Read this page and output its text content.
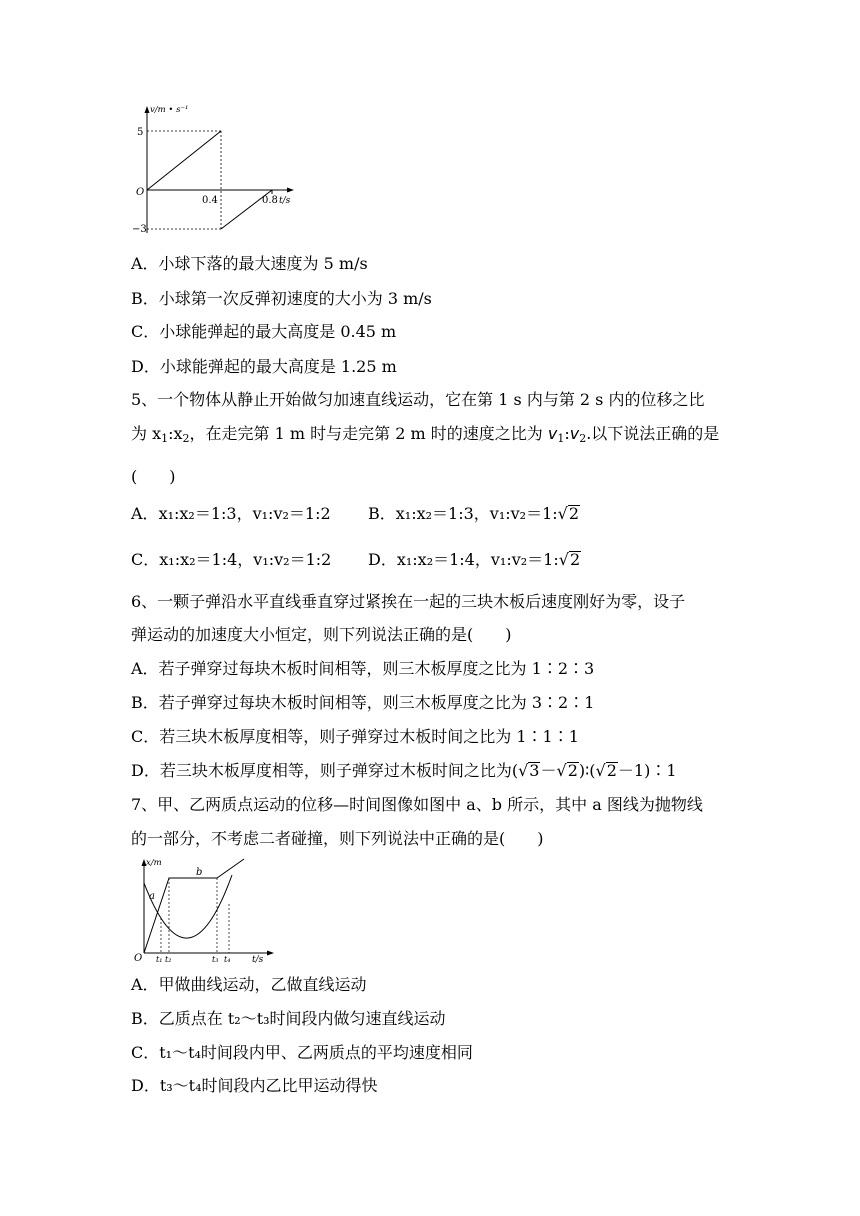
v/m • s⁻¹
5
O
−3
0.4	0.8 t/s
A．小球下落的最大速度为 5 m/s
B．小球第一次反弹初速度的大小为 3 m/s
C．小球能弹起的最大高度是 0.45 m
D．小球能弹起的最大高度是 1.25 m
5、一个物体从静止开始做匀加速直线运动，它在第 1 s 内与第 2 s 内的位移之比
为 $x_1:x_2$，在走完第 1 m 时与走完第 2 m 时的速度之比为 $v_1:v_2$.以下说法正确的是
(　　)
A．x₁:x₂＝1:3，v₁:v₂＝1:2 B．x₁:x₂＝1:3，v₁:v₂＝1:√2
C．x₁:x₂＝1:4，v₁:v₂＝1:2 D．x₁:x₂＝1:4，v₁:v₂＝1:√2
6、一颗子弹沿水平直线垂直穿过紧挨在一起的三块木板后速度刚好为零，设子
弹运动的加速度大小恒定，则下列说法正确的是(　　)
A．若子弹穿过每块木板时间相等，则三木板厚度之比为 1∶2∶3
B．若子弹穿过每块木板时间相等，则三木板厚度之比为 3∶2∶1
C．若三块木板厚度相等，则子弹穿过木板时间之比为 1∶1∶1
D．若三块木板厚度相等，则子弹穿过木板时间之比为(√3－√2)∶(√2－1)∶1
7、甲、乙两质点运动的位移—时间图像如图中 a、b 所示，其中 a 图线为抛物线
的一部分，不考虑二者碰撞，则下列说法中正确的是(　　)
x/m
a
b
O t₁ t₂	t₃ t₄ t/s
A．甲做曲线运动，乙做直线运动
B．乙质点在 t₂～t₃时间段内做匀速直线运动
C．t₁～t₄时间段内甲、乙两质点的平均速度相同
D．t₃～t₄时间段内乙比甲运动得快
